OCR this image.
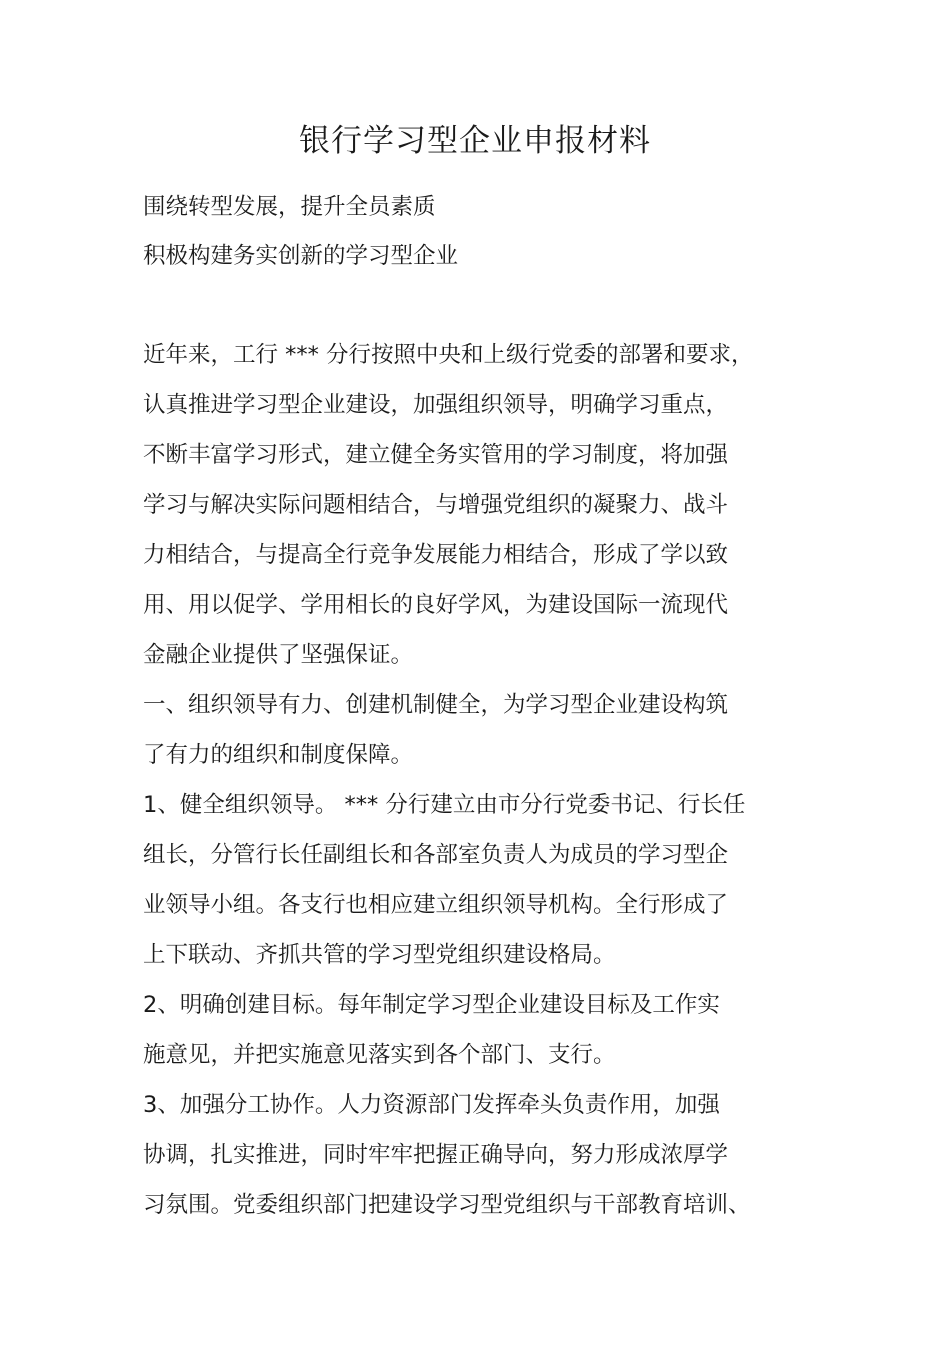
银行学习型企业申报材料
围绕转型发展，提升全员素质
积极构建务实创新的学习型企业
近年来，工行 *** 分行按照中央和上级行党委的部署和要求，
认真推进学习型企业建设，加强组织领导，明确学习重点，
不断丰富学习形式，建立健全务实管用的学习制度，将加强
学习与解决实际问题相结合，与增强党组织的凝聚力、战斗
力相结合，与提高全行竞争发展能力相结合，形成了学以致
用、用以促学、学用相长的良好学风，为建设国际一流现代
金融企业提供了坚强保证。
一、组织领导有力、创建机制健全，为学习型企业建设构筑
了有力的组织和制度保障。
1、健全组织领导。 *** 分行建立由市分行党委书记、行长任
组长，分管行长任副组长和各部室负责人为成员的学习型企
业领导小组。各支行也相应建立组织领导机构。全行形成了
上下联动、齐抓共管的学习型党组织建设格局。
2、明确创建目标。每年制定学习型企业建设目标及工作实
施意见，并把实施意见落实到各个部门、支行。
3、加强分工协作。人力资源部门发挥牵头负责作用，加强
协调，扎实推进，同时牢牢把握正确导向，努力形成浓厚学
习氛围。党委组织部门把建设学习型党组织与干部教育培训、
